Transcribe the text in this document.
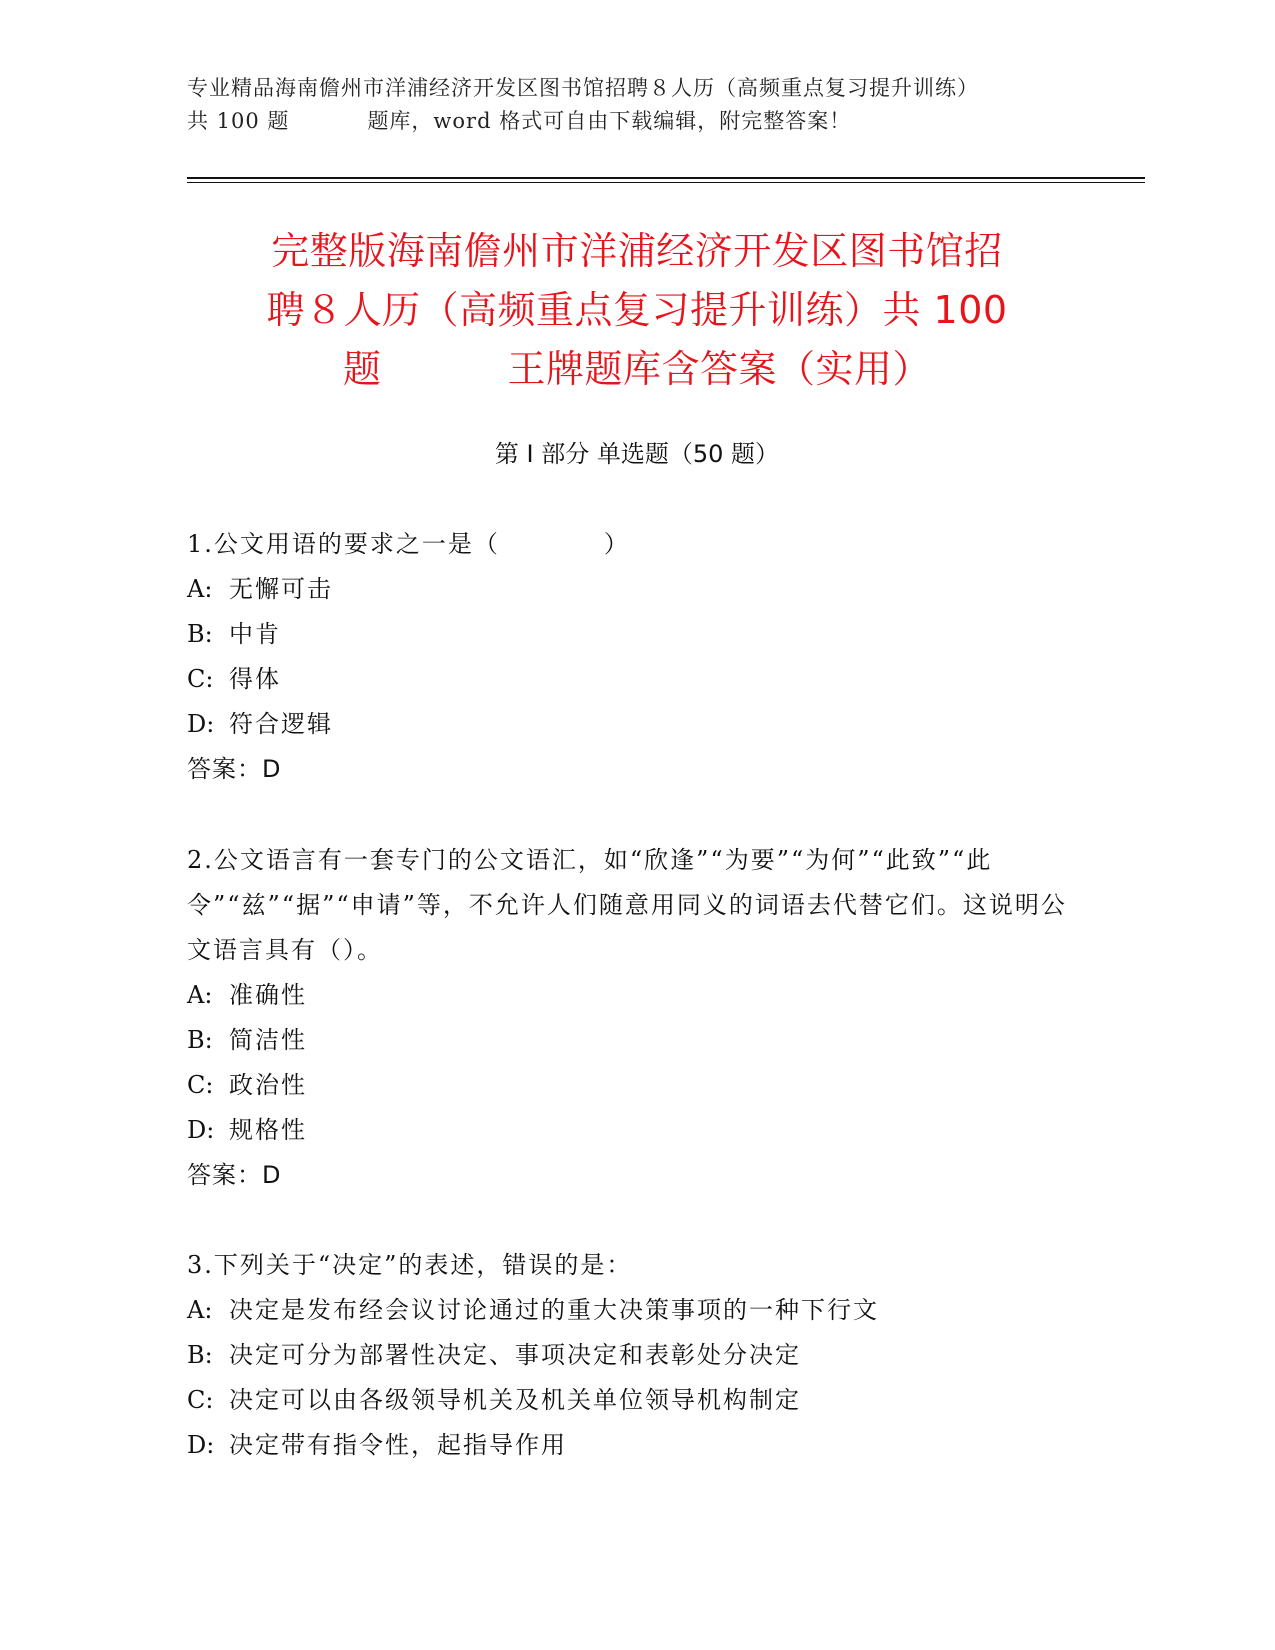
专业精品海南儋州市洋浦经济开发区图书馆招聘８人历（高频重点复习提升训练）
共 100 题	题库，word 格式可自由下载编辑，附完整答案！
完整版海南儋州市洋浦经济开发区图书馆招
聘８人历（高频重点复习提升训练）共 100
题	王牌题库含答案（实用）
第 I 部分 单选题（50 题）

1.公文用语的要求之一是（　　　　）

A: 无懈可击

B: 中肯

C: 得体

D: 符合逻辑

答案：D

2.公文语言有一套专门的公文语汇，如“欣逢”“为要”“为何”“此致”“此令”“兹”“据”“申请”等，不允许人们随意用同义的词语去代替它们。这说明公文语言具有（）。

A: 准确性

B: 简洁性

C: 政治性

D: 规格性

答案：D

3.下列关于“决定”的表述，错误的是：

A: 决定是发布经会议讨论通过的重大决策事项的一种下行文

B: 决定可分为部署性决定、事项决定和表彰处分决定

C: 决定可以由各级领导机关及机关单位领导机构制定

D: 决定带有指令性，起指导作用
